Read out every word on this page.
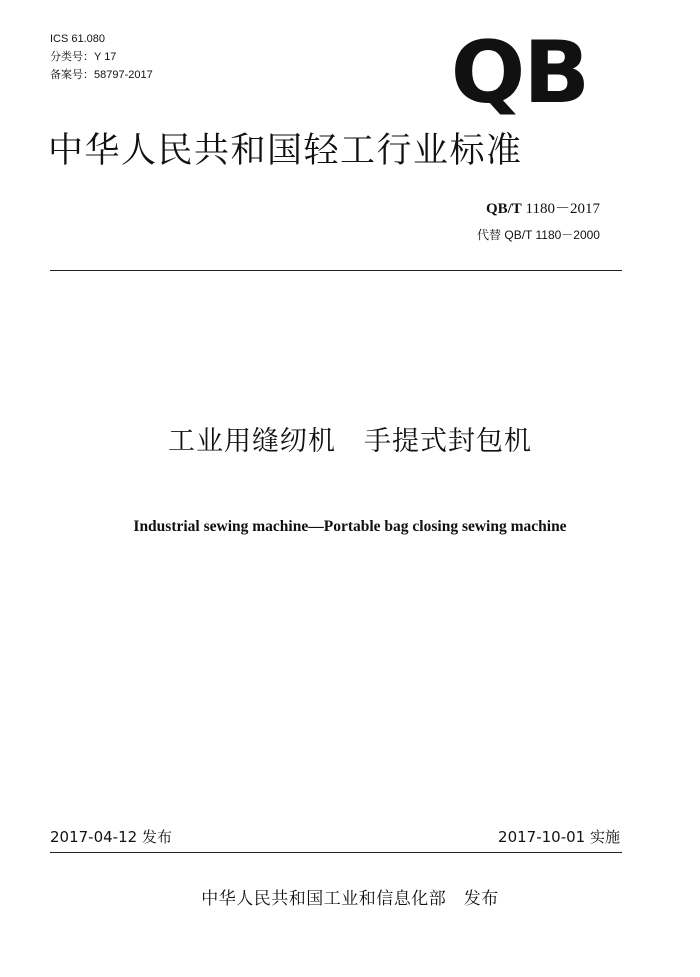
ICS 61.080
分类号：Y 17
备案号：58797-2017	QB
中华人民共和国轻工行业标准
QB/T 1180－2017
代替 QB/T 1180－2000
工业用缝纫机　手提式封包机
Industrial sewing machine—Portable bag closing sewing machine
2017-04-12 发布	2017-10-01 实施
中华人民共和国工业和信息化部　发布
